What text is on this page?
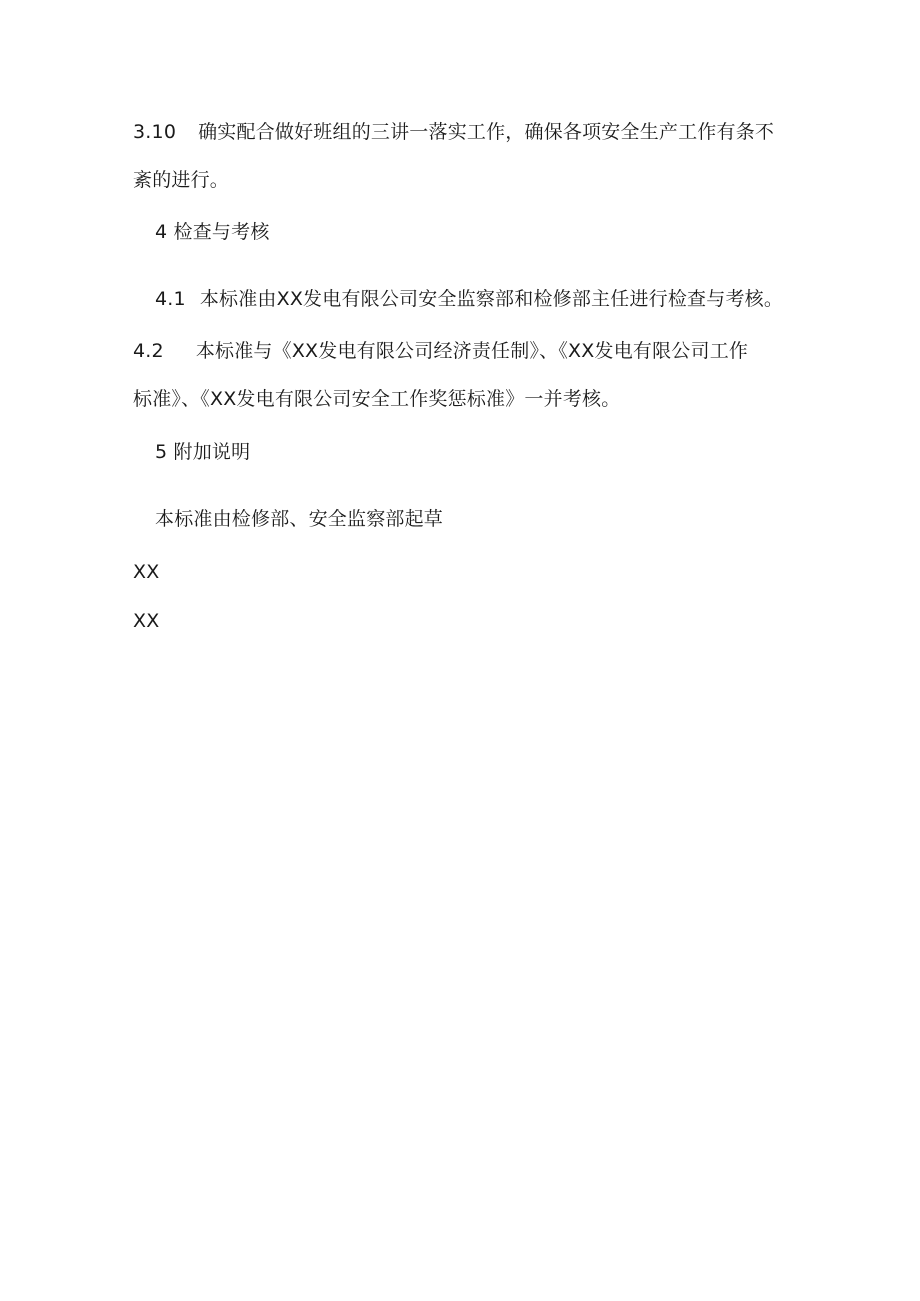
3.10 确实配合做好班组的三讲一落实工作，确保各项安全生产工作有条不
紊的进行。
4 检查与考核
4.1 本标准由XX发电有限公司安全监察部和检修部主任进行检查与考核。
4.2 本标准与《XX发电有限公司经济责任制》、《XX发电有限公司工作
标准》、《XX发电有限公司安全工作奖惩标准》一并考核。
5 附加说明
本标准由检修部、安全监察部起草
XX
XX
